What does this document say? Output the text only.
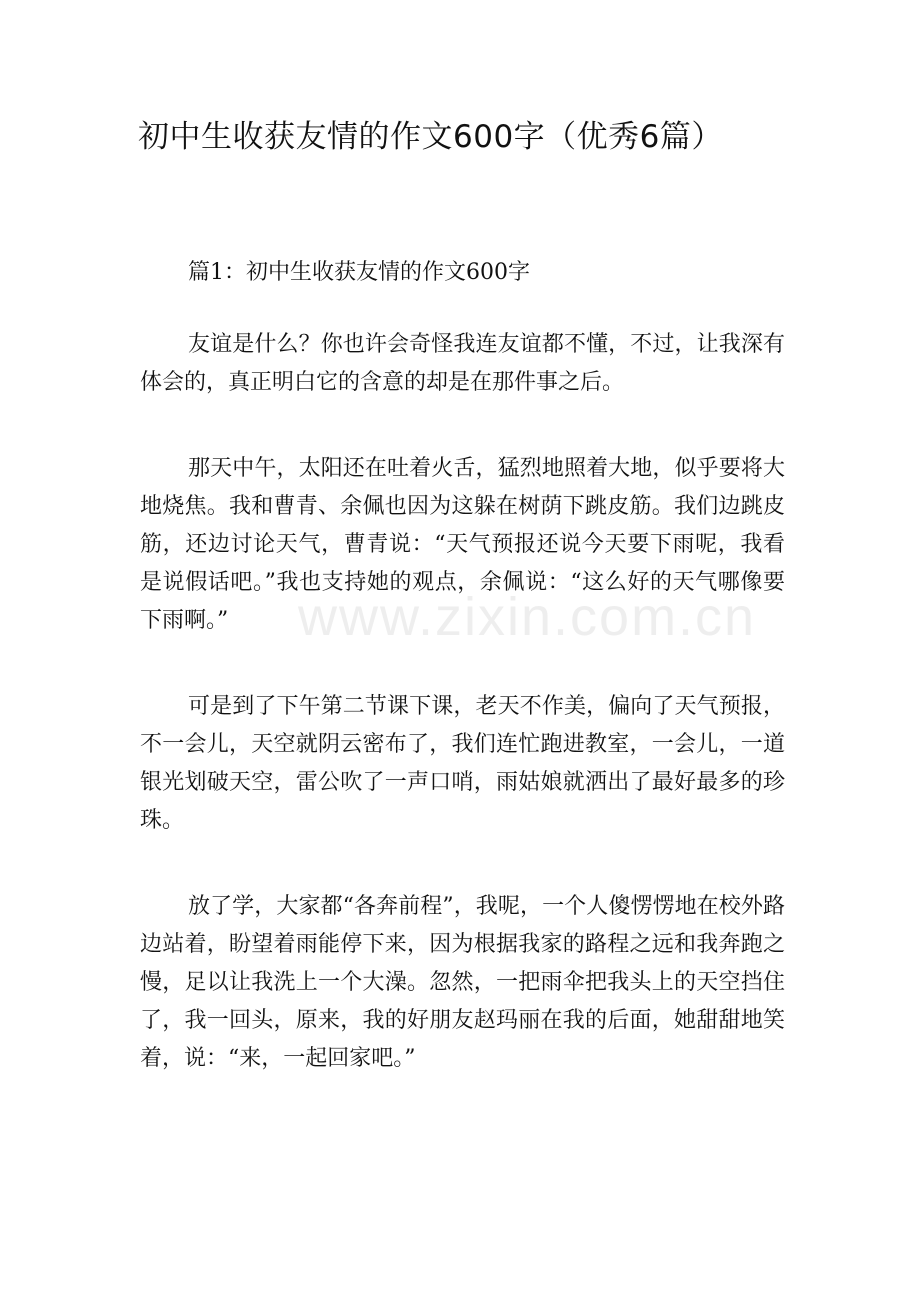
初中生收获友情的作文600字（优秀6篇）
篇1：初中生收获友情的作文600字

友谊是什么？你也许会奇怪我连友谊都不懂，不过，让我深有体会的，真正明白它的含意的却是在那件事之后。

那天中午，太阳还在吐着火舌，猛烈地照着大地，似乎要将大地烧焦。我和曹青、余佩也因为这躲在树荫下跳皮筋。我们边跳皮筋，还边讨论天气，曹青说：“天气预报还说今天要下雨呢，我看是说假话吧。”我也支持她的观点，余佩说：“这么好的天气哪像要下雨啊。”

可是到了下午第二节课下课，老天不作美，偏向了天气预报，不一会儿，天空就阴云密布了，我们连忙跑进教室，一会儿，一道银光划破天空，雷公吹了一声口哨，雨姑娘就洒出了最好最多的珍珠。

放了学，大家都“各奔前程”，我呢，一个人傻愣愣地在校外路边站着，盼望着雨能停下来，因为根据我家的路程之远和我奔跑之慢，足以让我洗上一个大澡。忽然，一把雨伞把我头上的天空挡住了，我一回头，原来，我的好朋友赵玛丽在我的后面，她甜甜地笑着，说：“来，一起回家吧。”

www.zixin.com.cn
